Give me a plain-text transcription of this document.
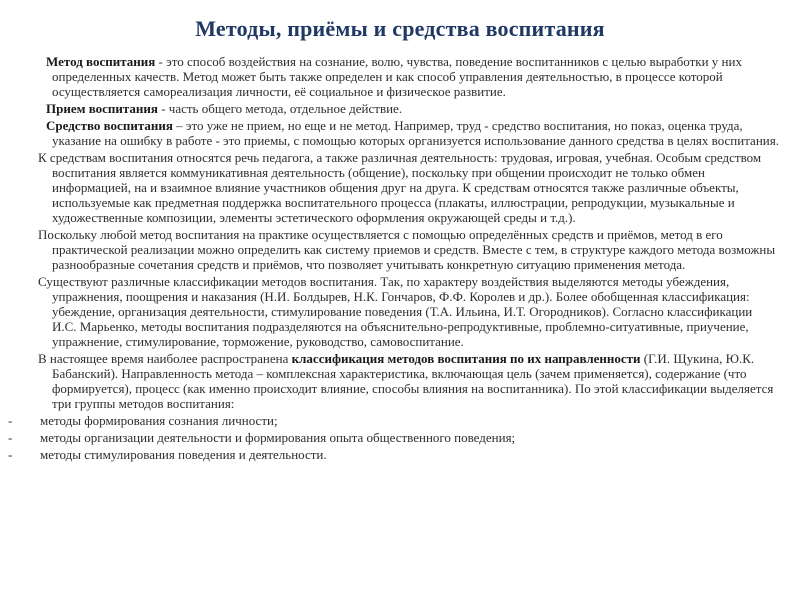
Методы, приёмы и средства воспитания

Метод воспитания - это способ воздействия на сознание, волю, чувства, поведение воспитанников с целью выработки у них определенных качеств. Метод может быть также определен и как способ управления деятельностью, в процессе которой осуществляется самореализация личности, её социальное и физическое развитие.

Прием воспитания - часть общего метода, отдельное действие.

Средство воспитания – это уже не прием, но еще и не метод. Например, труд - средство воспитания, но показ, оценка труда, указание на ошибку в работе - это приемы, с помощью которых организуется использование данного средства в целях воспитания.

К средствам воспитания относятся речь педагога, а также различная деятельность: трудовая, игровая, учебная. Особым средством воспитания является коммуникативная деятельность (общение), поскольку при общении происходит не только обмен информацией, на и взаимное влияние участников общения друг на друга. К средствам относятся также различные объекты, используемые как предметная поддержка воспитательного процесса (плакаты, иллюстрации, репродукции, музыкальные и художественные композиции, элементы эстетического оформления окружающей среды и т.д.).

Поскольку любой метод воспитания на практике осуществляется с помощью определённых средств и приёмов, метод в его практической реализации можно определить как систему приемов и средств. Вместе с тем, в структуре каждого метода возможны разнообразные сочетания средств и приёмов, что позволяет учитывать конкретную ситуацию применения метода.

Существуют различные классификации методов воспитания. Так, по характеру воздействия выделяются методы убеждения, упражнения, поощрения и наказания (Н.И. Болдырев, Н.К. Гончаров, Ф.Ф. Королев и др.). Более обобщенная классификация: убеждение, организация деятельности, стимулирование поведения (Т.А. Ильина, И.Т. Огородников). Согласно классификации И.С. Марьенко, методы воспитания подразделяются на объяснительно-репродуктивные, проблемно-ситуативные, приучение, упражнение, стимулирование, торможение, руководство, самовоспитание.

В настоящее время наиболее распространена классификация методов воспитания по их направленности (Г.И. Щукина, Ю.К. Бабанский). Направленность метода – комплексная характеристика, включающая цель (зачем применяется), содержание (что формируется), процесс (как именно происходит влияние, способы влияния на воспитанника). По этой классификации выделяется три группы методов воспитания:

- методы формирования сознания личности;
- методы организации деятельности и формирования опыта общественного поведения;
- методы стимулирования поведения и деятельности.
